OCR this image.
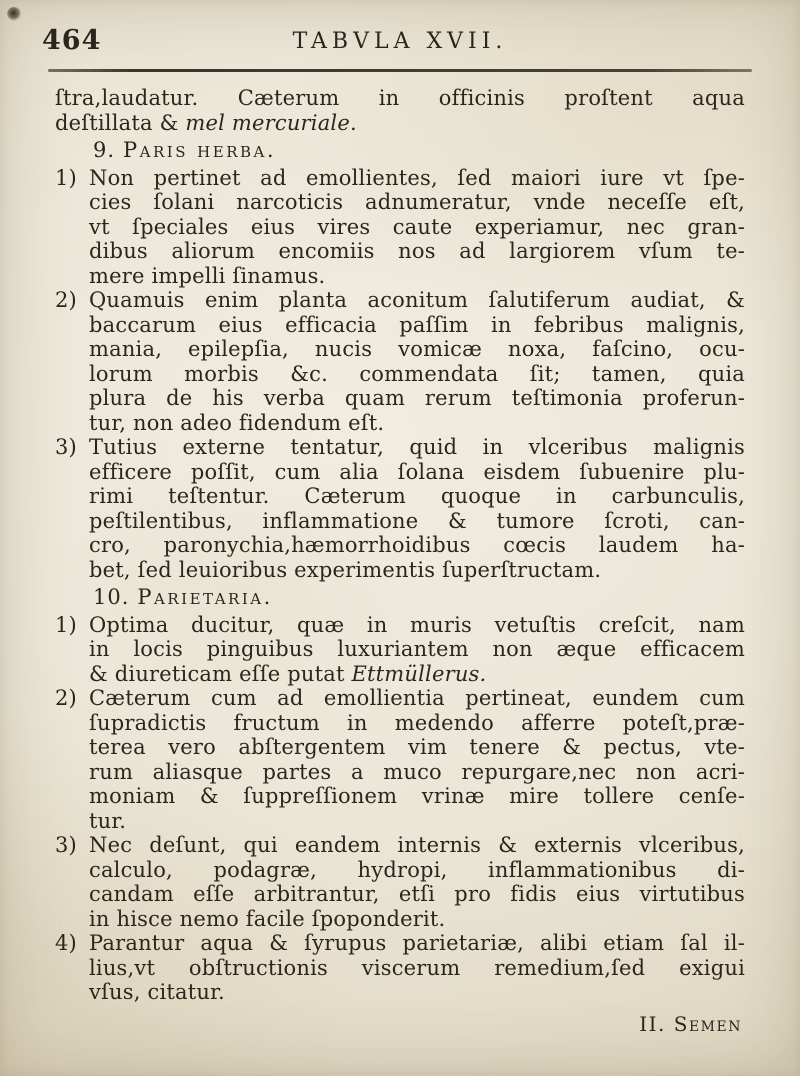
464	TABVLA XVII.
ſtra,laudatur. Cæterum in officinis proſtent aqua
deſtillata & mel mercuriale.
9. Paris herba.
1) Non pertinet ad emollientes, ſed maiori iure vt ſpe-
cies ſolani narcoticis adnumeratur, vnde neceſſe eſt,
vt ſpeciales eius vires caute experiamur, nec gran-
dibus aliorum encomiis nos ad largiorem vſum te-
mere impelli ſinamus.
2) Quamuis enim planta aconitum ſalutiferum audiat, &
baccarum eius efficacia paſſim in febribus malignis,
mania, epilepſia, nucis vomicæ noxa, faſcino, ocu-
lorum morbis &c. commendata ſit; tamen, quia
plura de his verba quam rerum teſtimonia proferun-
tur, non adeo fidendum eſt.
3) Tutius externe tentatur, quid in vlceribus malignis
efficere poſſit, cum alia ſolana eisdem ſubuenire plu-
rimi teſtentur. Cæterum quoque in carbunculis,
peſtilentibus, inflammatione & tumore ſcroti, can-
cro, paronychia,hæmorrhoidibus cœcis laudem ha-
bet, ſed leuioribus experimentis ſuperſtructam.
10. Parietaria.
1) Optima ducitur, quæ in muris vetuſtis creſcit, nam
in locis pinguibus luxuriantem non æque efficacem
& diureticam eſſe putat Ettmüllerus.
2) Cæterum cum ad emollientia pertineat, eundem cum
ſupradictis fructum in medendo afferre poteſt,præ-
terea vero abſtergentem vim tenere & pectus, vte-
rum aliasque partes a muco repurgare,nec non acri-
moniam & ſuppreſſionem vrinæ mire tollere cenſe-
tur.
3) Nec deſunt, qui eandem internis & externis vlceribus,
calculo, podagræ, hydropi, inflammationibus di-
candam eſſe arbitrantur, etſi pro fidis eius virtutibus
in hisce nemo facile ſpoponderit.
4) Parantur aqua & ſyrupus parietariæ, alibi etiam ſal il-
lius,vt obſtructionis viscerum remedium,ſed exigui
vſus, citatur.
II. Semen
